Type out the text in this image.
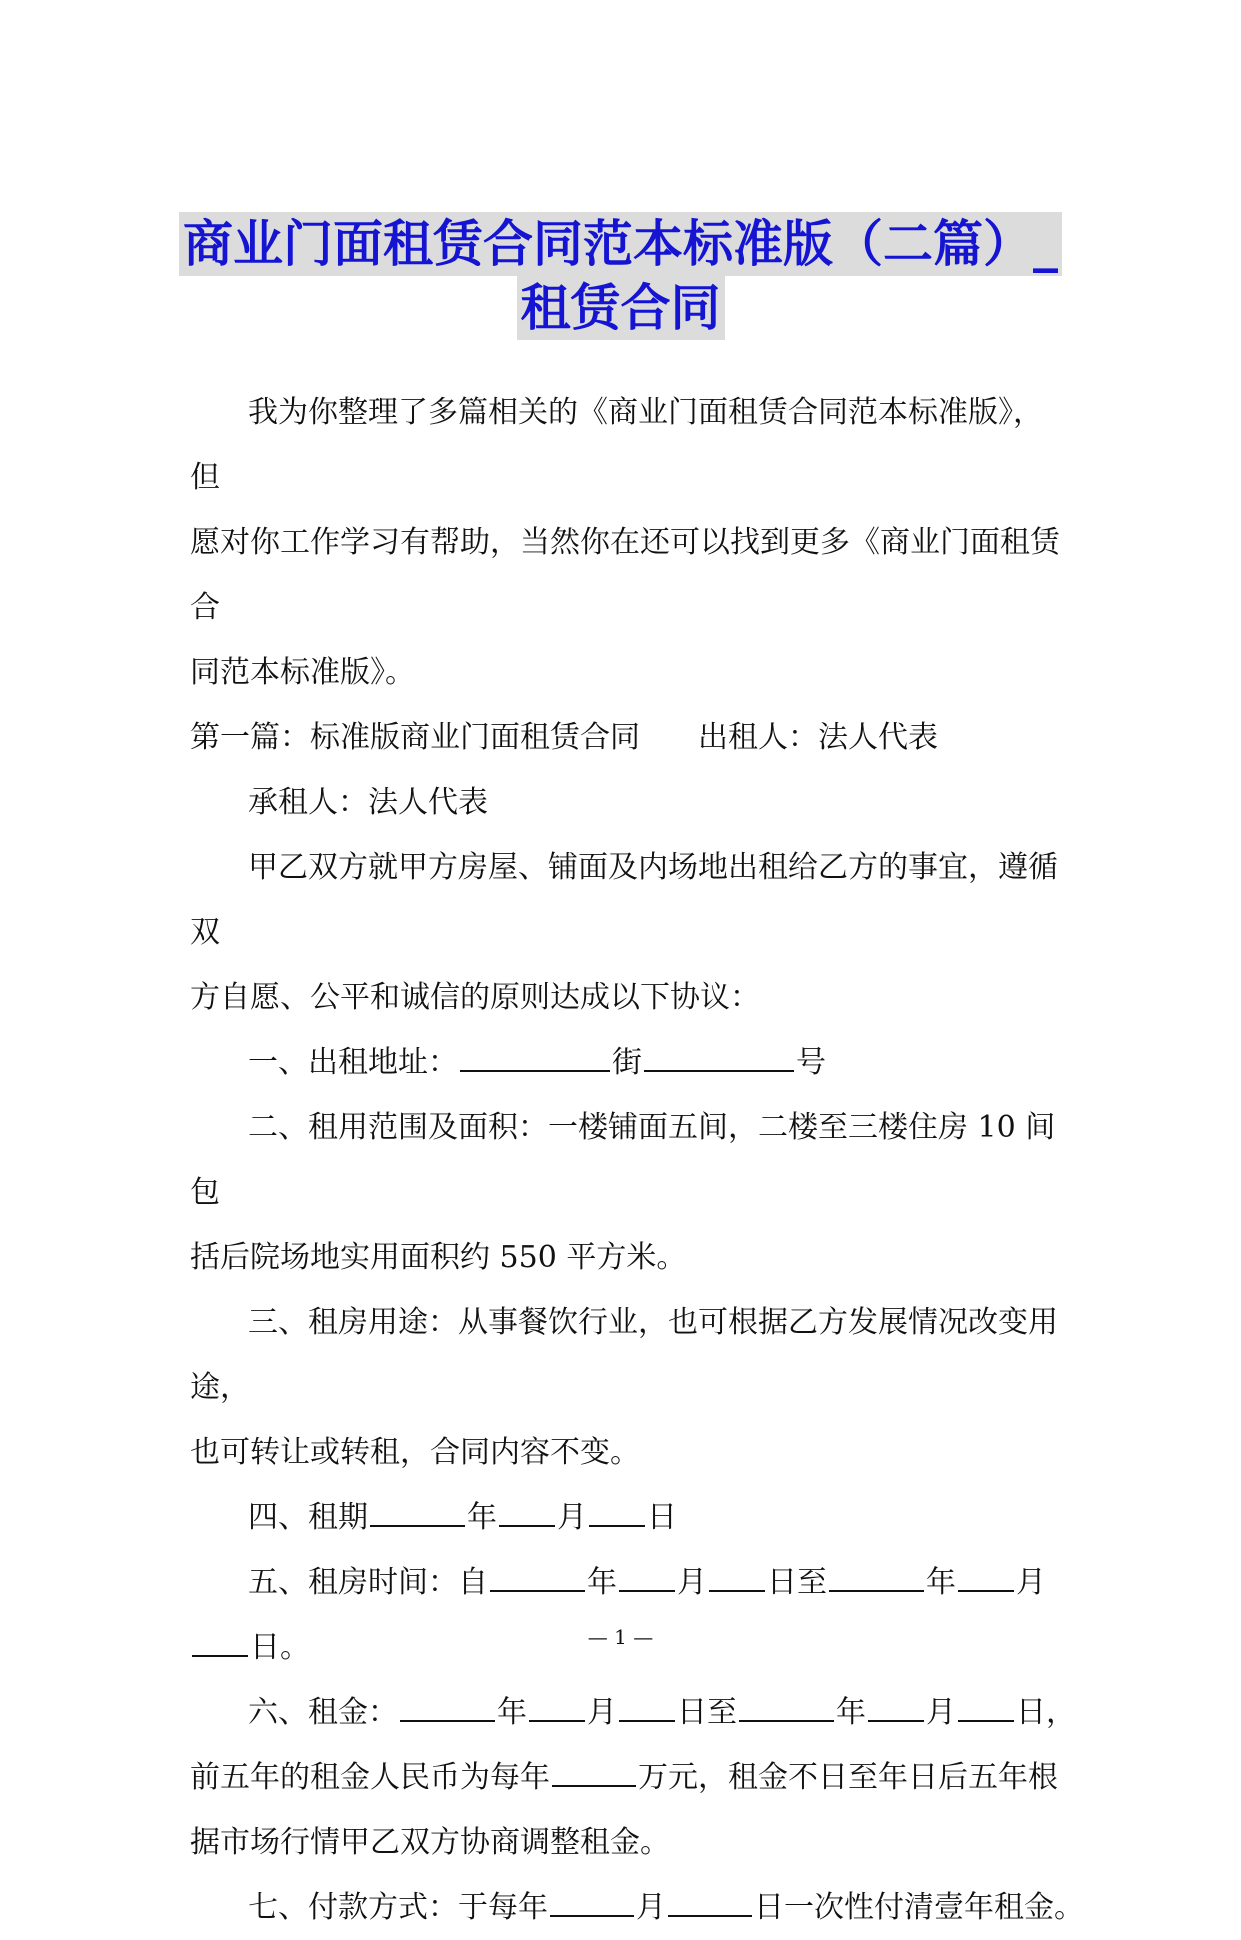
商业门面租赁合同范本标准版（二篇）_
租赁合同

我为你整理了多篇相关的《商业门面租赁合同范本标准版》，但

愿对你工作学习有帮助，当然你在还可以找到更多《商业门面租赁合

同范本标准版》。

第一篇：标准版商业门面租赁合同 出租人：法人代表

承租人：法人代表

甲乙双方就甲方房屋、铺面及内场地出租给乙方的事宜，遵循双

方自愿、公平和诚信的原则达成以下协议：

一、出租地址：	街	号

二、租用范围及面积：一楼铺面五间，二楼至三楼住房 10 间包

括后院场地实用面积约 550 平方米。

三、租房用途：从事餐饮行业，也可根据乙方发展情况改变用途，

也可转让或转租，合同内容不变。

四、租期	年 月 日

五、租房时间：自	年 月 日至	年 月

日。

六、租金：	年 月 日至	年 月 日，

前五年的租金人民币为每年	万元，租金不日至年日后五年根

据市场行情甲乙双方协商调整租金。

七、付款方式：于每年	月	日一次性付清壹年租金。

— 1 —
